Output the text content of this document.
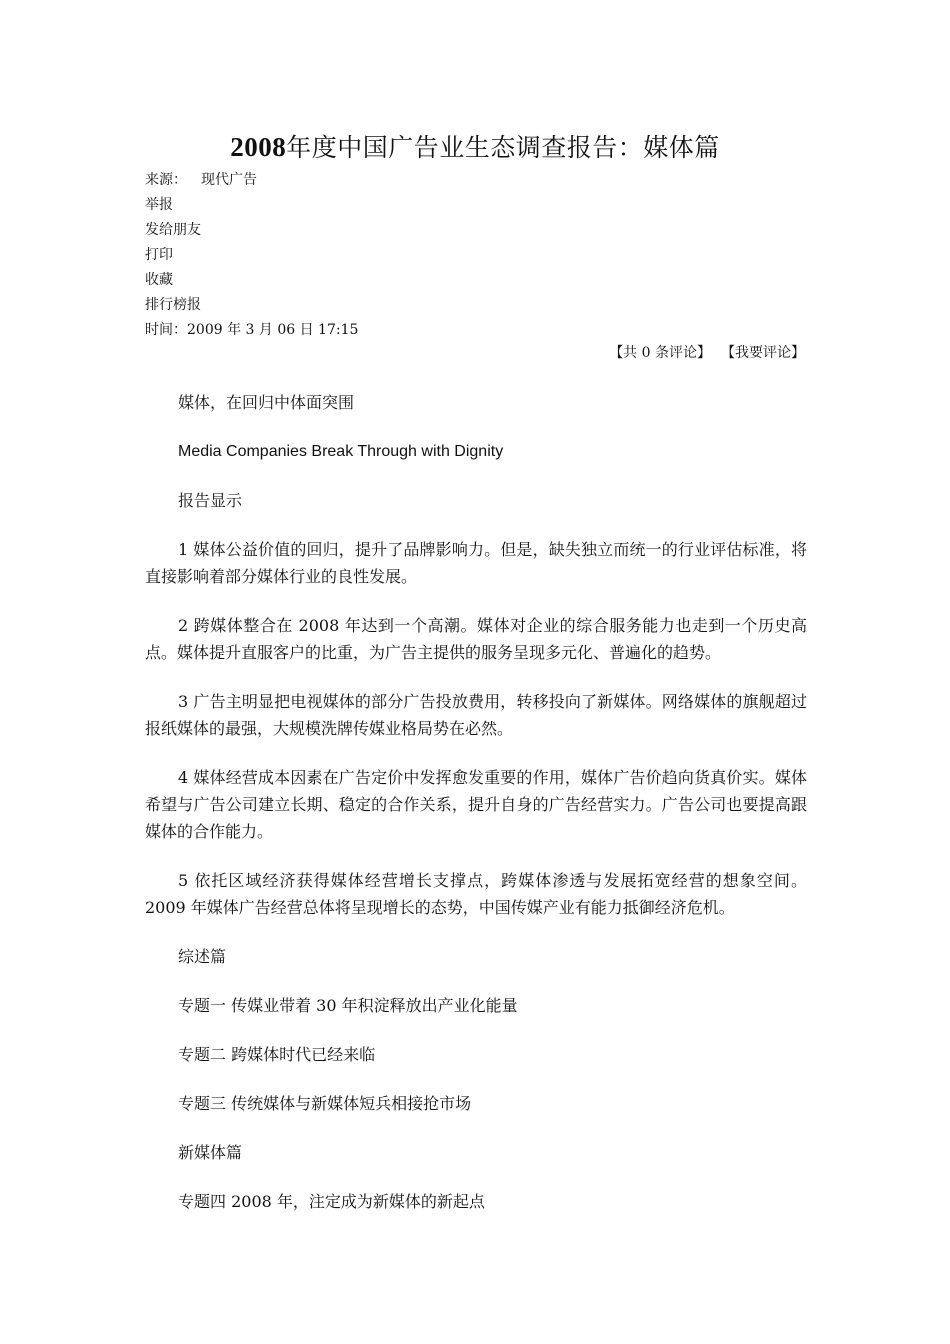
2008年度中国广告业生态调查报告：媒体篇
来源： 现代广告
举报
发给朋友
打印
收藏
排行榜报
时间：2009 年 3 月 06 日 17:15
【共 0 条评论】 【我要评论】

媒体，在回归中体面突围

Media Companies Break Through with Dignity

报告显示

1 媒体公益价值的回归，提升了品牌影响力。但是，缺失独立而统一的行业评估标准，将直接影响着部分媒体行业的良性发展。

2 跨媒体整合在 2008 年达到一个高潮。媒体对企业的综合服务能力也走到一个历史高点。媒体提升直服客户的比重，为广告主提供的服务呈现多元化、普遍化的趋势。

3 广告主明显把电视媒体的部分广告投放费用，转移投向了新媒体。网络媒体的旗舰超过报纸媒体的最强，大规模洗牌传媒业格局势在必然。

4 媒体经营成本因素在广告定价中发挥愈发重要的作用，媒体广告价趋向货真价实。媒体希望与广告公司建立长期、稳定的合作关系，提升自身的广告经营实力。广告公司也要提高跟媒体的合作能力。

5 依托区域经济获得媒体经营增长支撑点，跨媒体渗透与发展拓宽经营的想象空间。2009 年媒体广告经营总体将呈现增长的态势，中国传媒产业有能力抵御经济危机。

综述篇

专题一 传媒业带着 30 年积淀释放出产业化能量

专题二 跨媒体时代已经来临

专题三 传统媒体与新媒体短兵相接抢市场

新媒体篇

专题四 2008 年，注定成为新媒体的新起点
